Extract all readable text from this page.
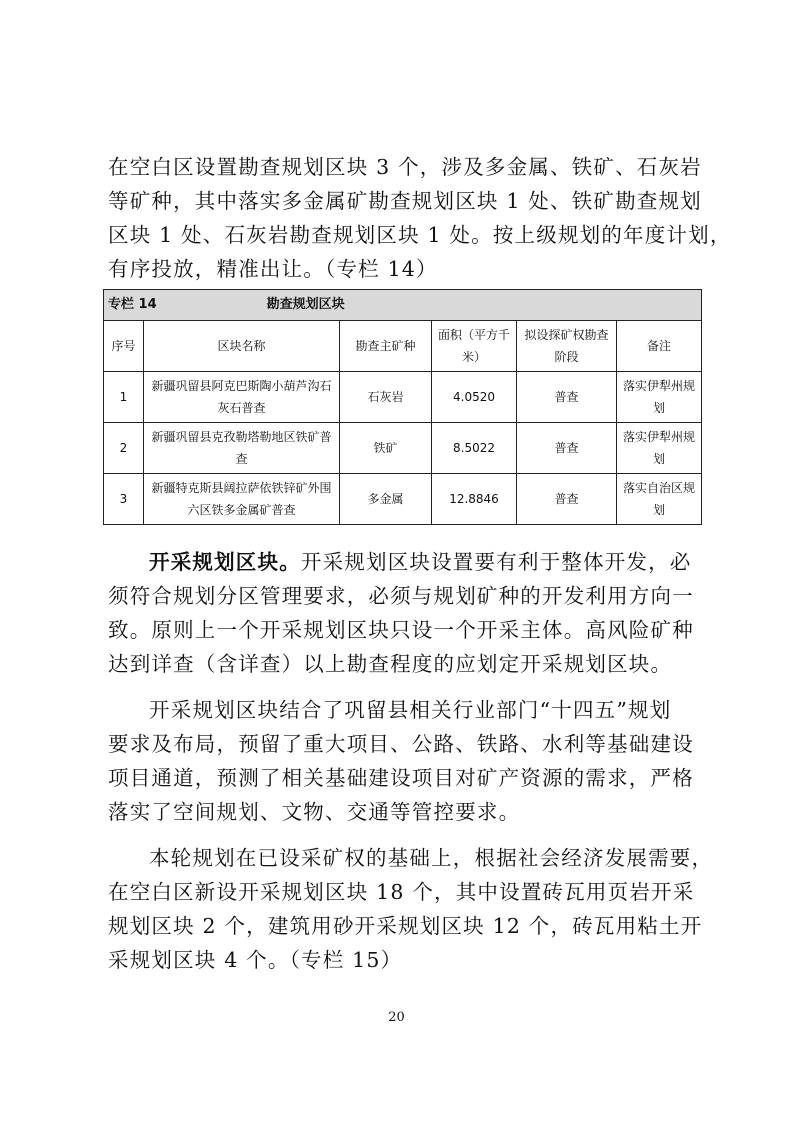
在空白区设置勘查规划区块 3 个，涉及多金属、铁矿、石灰岩
等矿种，其中落实多金属矿勘查规划区块 1 处、铁矿勘查规划
区块 1 处、石灰岩勘查规划区块 1 处。按上级规划的年度计划，
有序投放，精准出让。（专栏 14）
专栏 14 勘查规划区块					
序号	区块名称	勘查主矿种	面积（平方千米）	拟设探矿权勘查阶段	备注
1	新疆巩留县阿克巴斯陶小葫芦沟石灰石普查	石灰岩	4.0520	普查	落实伊犁州规划
2	新疆巩留县克孜勒塔勒地区铁矿普查	铁矿	8.5022	普查	落实伊犁州规划
3	新疆特克斯县阔拉萨依铁锌矿外围六区铁多金属矿普查	多金属	12.8846	普查	落实自治区规划
开采规划区块。开采规划区块设置要有利于整体开发，必
须符合规划分区管理要求，必须与规划矿种的开发利用方向一
致。原则上一个开采规划区块只设一个开采主体。高风险矿种
达到详查（含详查）以上勘查程度的应划定开采规划区块。
开采规划区块结合了巩留县相关行业部门“十四五”规划
要求及布局，预留了重大项目、公路、铁路、水利等基础建设
项目通道，预测了相关基础建设项目对矿产资源的需求，严格
落实了空间规划、文物、交通等管控要求。
本轮规划在已设采矿权的基础上，根据社会经济发展需要，
在空白区新设开采规划区块 18 个，其中设置砖瓦用页岩开采
规划区块 2 个，建筑用砂开采规划区块 12 个，砖瓦用粘土开
采规划区块 4 个。（专栏 15）
20
